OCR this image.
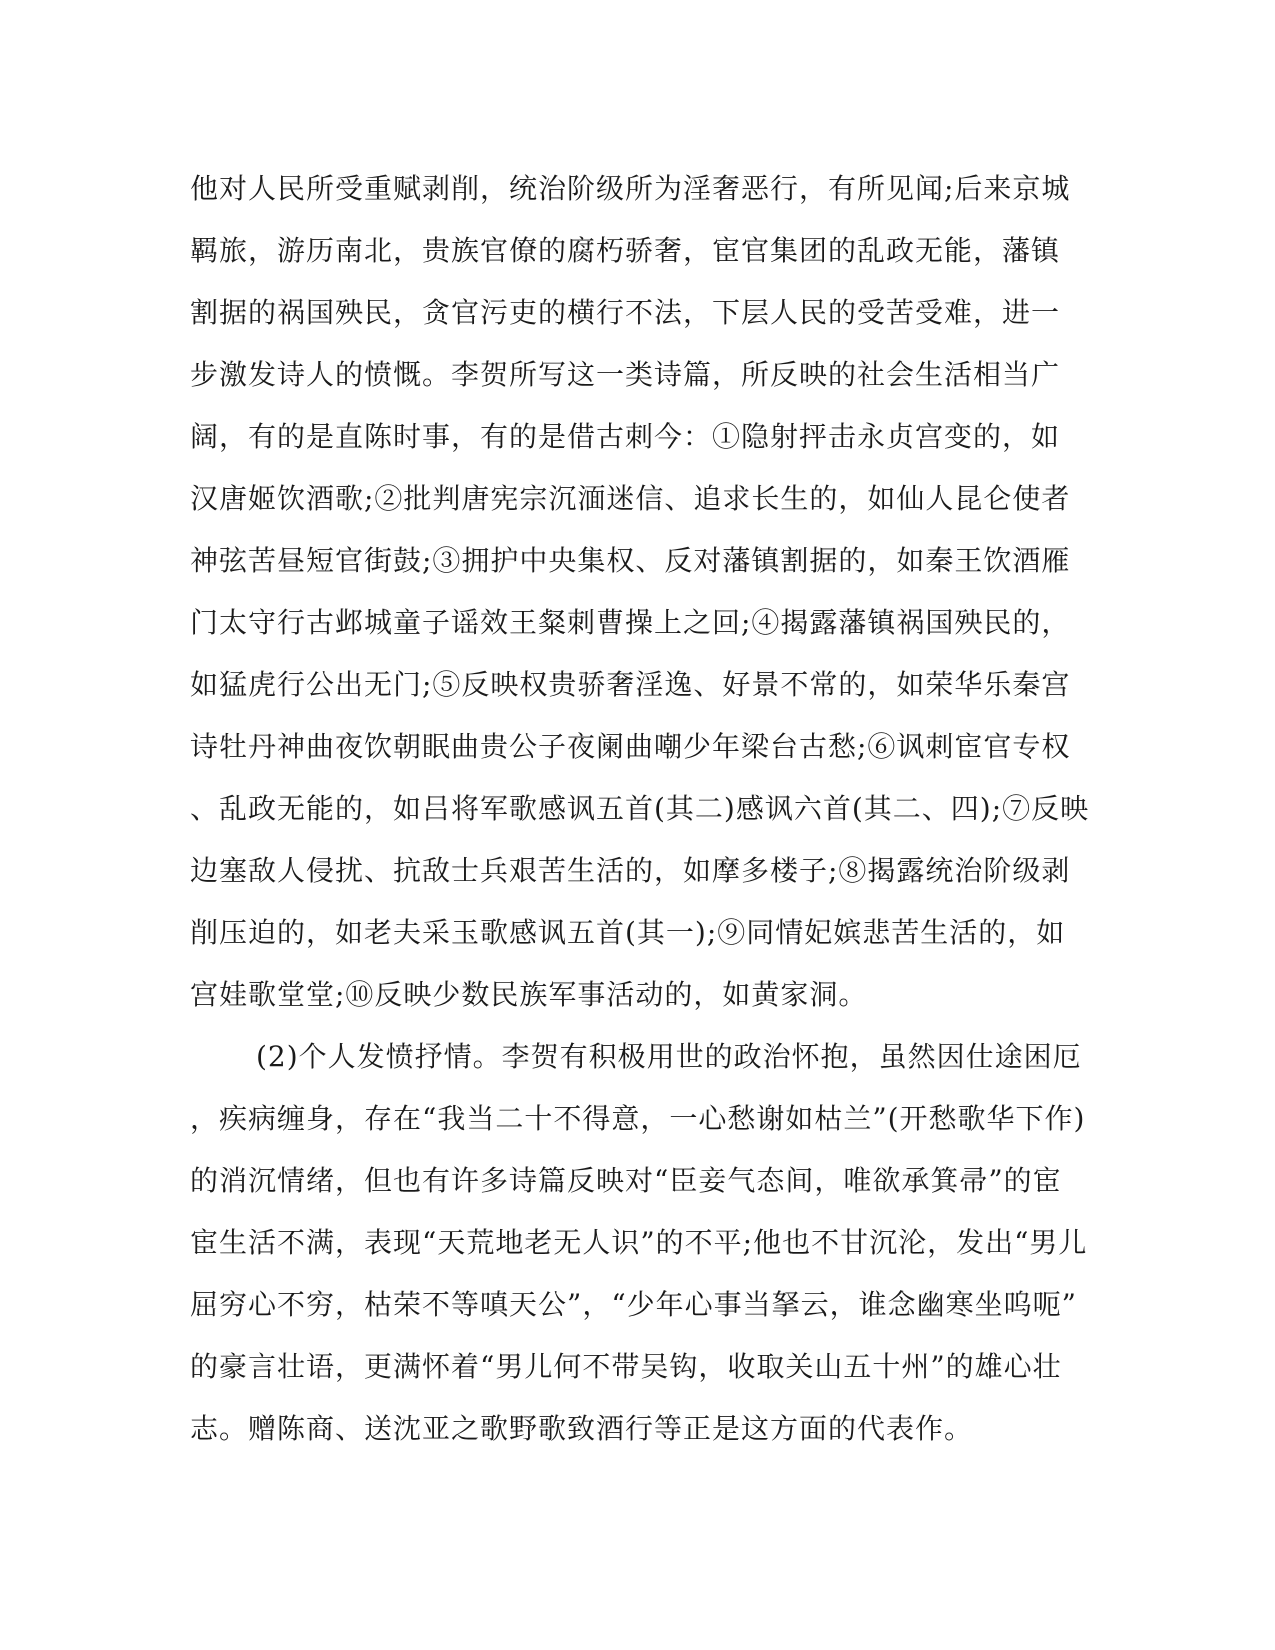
他对人民所受重赋剥削，统治阶级所为淫奢恶行，有所见闻;后来京城
羁旅，游历南北，贵族官僚的腐朽骄奢，宦官集团的乱政无能，藩镇
割据的祸国殃民，贪官污吏的横行不法，下层人民的受苦受难，进一
步激发诗人的愤慨。李贺所写这一类诗篇，所反映的社会生活相当广
阔，有的是直陈时事，有的是借古刺今：①隐射抨击永贞宫变的，如
汉唐姬饮酒歌;②批判唐宪宗沉湎迷信、追求长生的，如仙人昆仑使者
神弦苦昼短官街鼓;③拥护中央集权、反对藩镇割据的，如秦王饮酒雁
门太守行古邺城童子谣效王粲刺曹操上之回;④揭露藩镇祸国殃民的，
如猛虎行公出无门;⑤反映权贵骄奢淫逸、好景不常的，如荣华乐秦宫
诗牡丹神曲夜饮朝眠曲贵公子夜阑曲嘲少年梁台古愁;⑥讽刺宦官专权
、乱政无能的，如吕将军歌感讽五首(其二)感讽六首(其二、四);⑦反映
边塞敌人侵扰、抗敌士兵艰苦生活的，如摩多楼子;⑧揭露统治阶级剥
削压迫的，如老夫采玉歌感讽五首(其一);⑨同情妃嫔悲苦生活的，如
宫娃歌堂堂;⑩反映少数民族军事活动的，如黄家洞。
(2)个人发愤抒情。李贺有积极用世的政治怀抱，虽然因仕途困厄
，疾病缠身，存在“我当二十不得意，一心愁谢如枯兰”(开愁歌华下作)
的消沉情绪，但也有许多诗篇反映对“臣妾气态间，唯欲承箕帚”的宦
宦生活不满，表现“天荒地老无人识”的不平;他也不甘沉沦，发出“男儿
屈穷心不穷，枯荣不等嗔天公”，“少年心事当拏云，谁念幽寒坐呜呃”
的豪言壮语，更满怀着“男儿何不带吴钩，收取关山五十州”的雄心壮
志。赠陈商、送沈亚之歌野歌致酒行等正是这方面的代表作。
